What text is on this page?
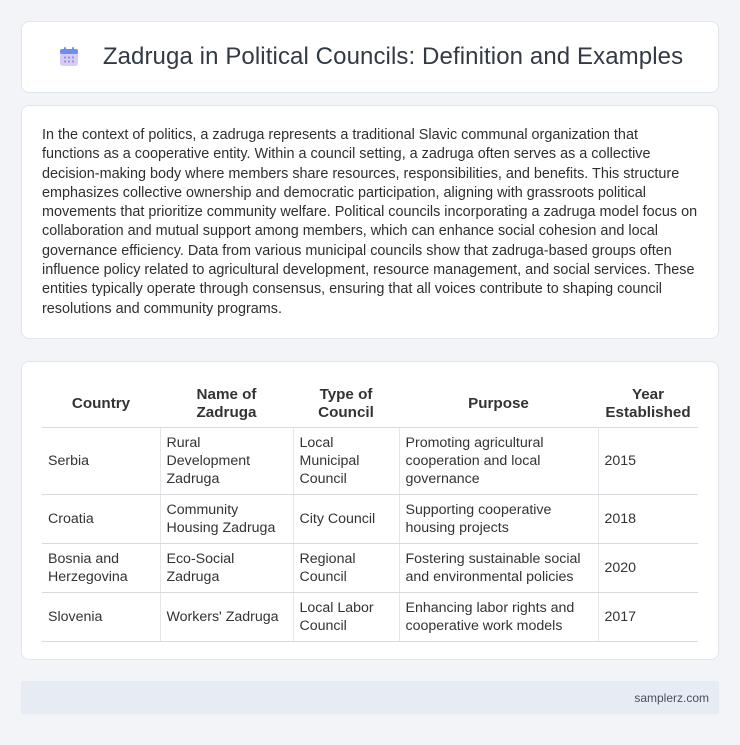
Zadruga in Political Councils: Definition and Examples

In the context of politics, a zadruga represents a traditional Slavic communal organization that functions as a cooperative entity. Within a council setting, a zadruga often serves as a collective decision-making body where members share resources, responsibilities, and benefits. This structure emphasizes collective ownership and democratic participation, aligning with grassroots political movements that prioritize community welfare. Political councils incorporating a zadruga model focus on collaboration and mutual support among members, which can enhance social cohesion and local governance efficiency. Data from various municipal councils show that zadruga-based groups often influence policy related to agricultural development, resource management, and social services. These entities typically operate through consensus, ensuring that all voices contribute to shaping council resolutions and community programs.

Country	Name of Zadruga	Type of Council	Purpose	Year Established
Serbia	Rural Development Zadruga	Local Municipal Council	Promoting agricultural cooperation and local governance	2015
Croatia	Community Housing Zadruga	City Council	Supporting cooperative housing projects	2018
Bosnia and Herzegovina	Eco-Social Zadruga	Regional Council	Fostering sustainable social and environmental policies	2020
Slovenia	Workers' Zadruga	Local Labor Council	Enhancing labor rights and cooperative work models	2017
samplerz.com
